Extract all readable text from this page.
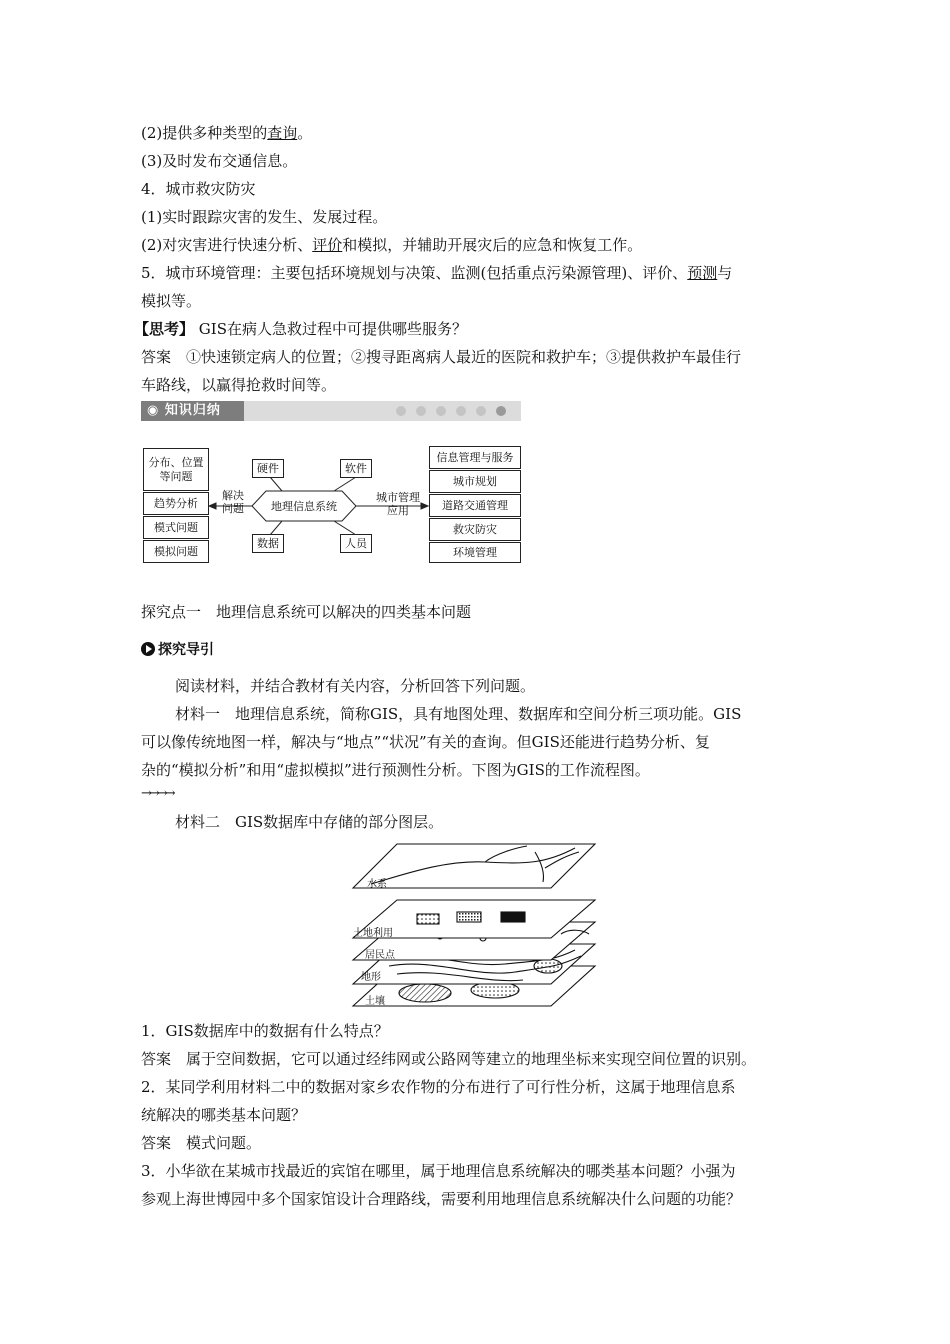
(2)提供多种类型的查询。
(3)及时发布交通信息。
4．城市救灾防灾
(1)实时跟踪灾害的发生、发展过程。
(2)对灾害进行快速分析、评价和模拟，并辅助开展灾后的应急和恢复工作。
5．城市环境管理：主要包括环境规划与决策、监测(包括重点污染源管理)、评价、预测与
模拟等。
【思考】 GIS在病人急救过程中可提供哪些服务？
答案　①快速锁定病人的位置；②搜寻距离病人最近的医院和救护车；③提供救护车最佳行
车路线，以赢得抢救时间等。
◉ 知识归纳
分布、位置等问题
趋势分析
模式问题
模拟问题
解决问题	地理信息系统
硬件	软件
数据	人员
城市管理应用
信息管理与服务
城市规划
道路交通管理
救灾防灾
环境管理
探究点一　地理信息系统可以解决的四类基本问题
探究导引
阅读材料，并结合教材有关内容，分析回答下列问题。
材料一　地理信息系统，简称GIS，具有地图处理、数据库和空间分析三项功能。GIS
可以像传统地图一样，解决与“地点”“状况”有关的查询。但GIS还能进行趋势分析、复
杂的“模拟分析”和用“虚拟模拟”进行预测性分析。下图为GIS的工作流程图。
→→→→
材料二　GIS数据库中存储的部分图层。
水系
土地利用
居民点
地形
土壤
1．GIS数据库中的数据有什么特点？
答案　属于空间数据，它可以通过经纬网或公路网等建立的地理坐标来实现空间位置的识别。
2．某同学利用材料二中的数据对家乡农作物的分布进行了可行性分析，这属于地理信息系
统解决的哪类基本问题？
答案　模式问题。
3．小华欲在某城市找最近的宾馆在哪里，属于地理信息系统解决的哪类基本问题？小强为
参观上海世博园中多个国家馆设计合理路线，需要利用地理信息系统解决什么问题的功能？
